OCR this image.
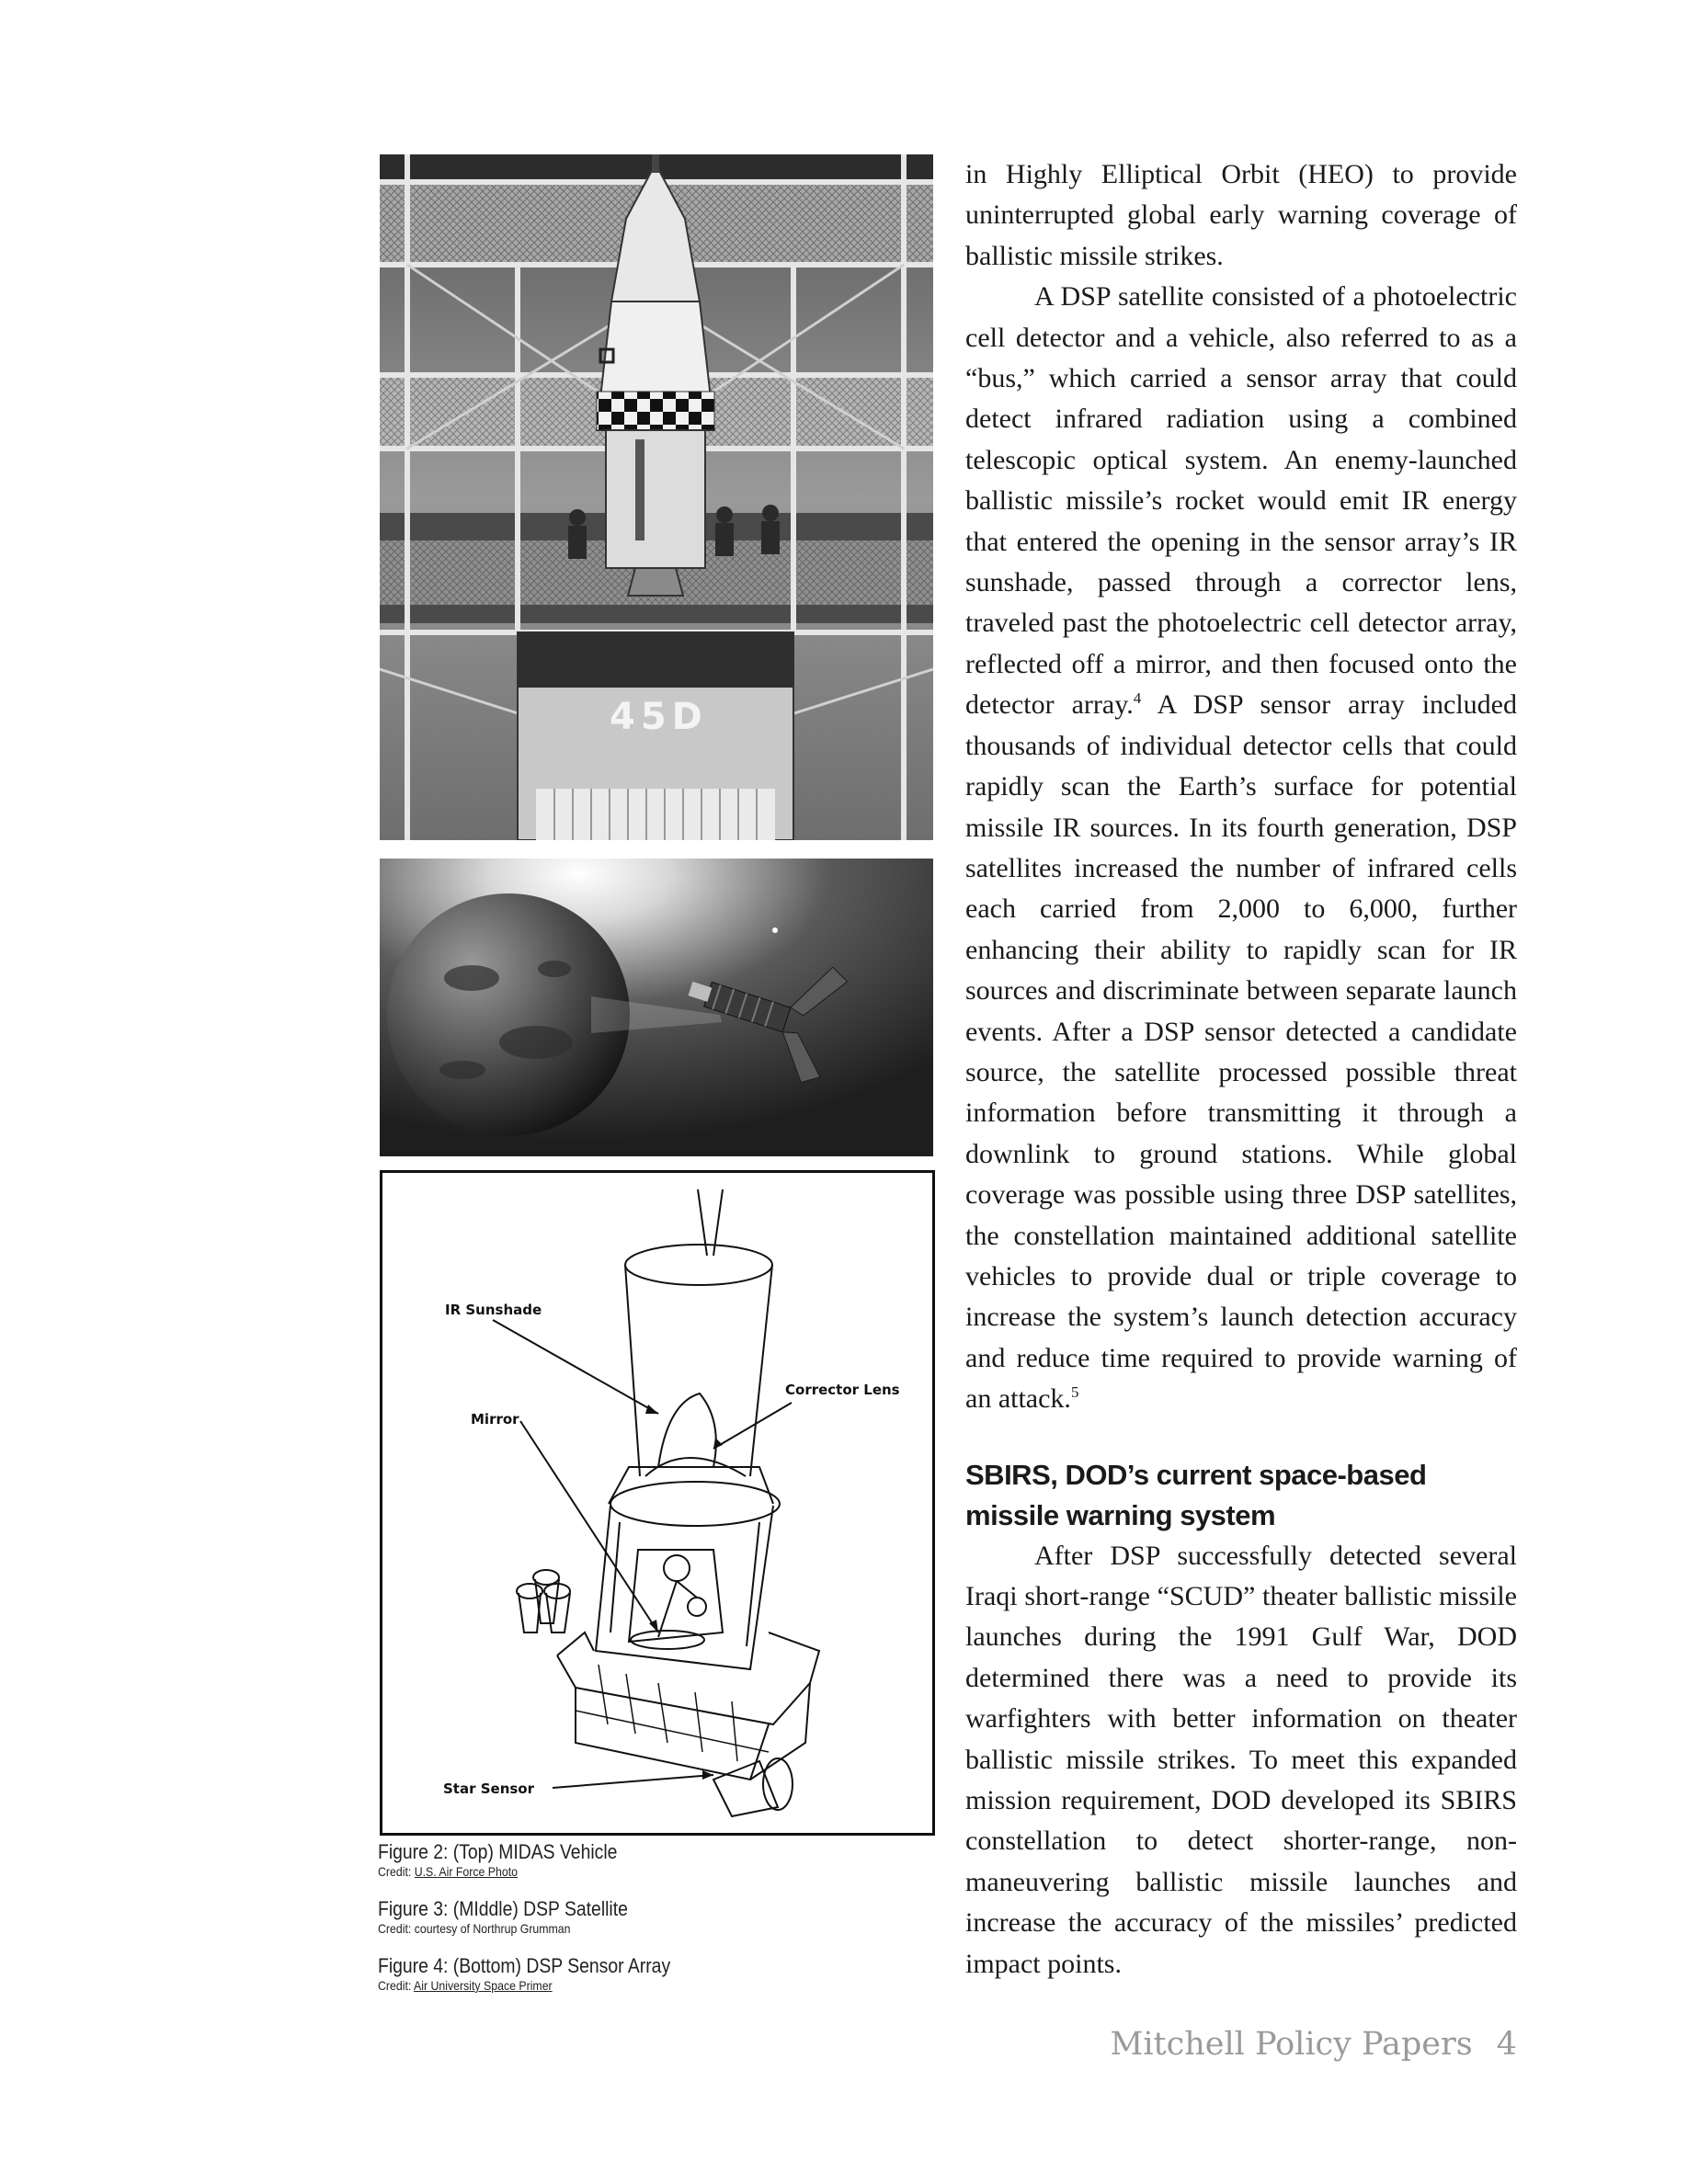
45D
IR Sunshade
Corrector Lens
Mirror
Star Sensor
Figure 2: (Top) MIDAS Vehicle
Credit: U.S. Air Force Photo
Figure 3: (MIddle) DSP Satellite
Credit: courtesy of Northrup Grumman
Figure 4: (Bottom) DSP Sensor Array
Credit: Air University Space Primer

in Highly Elliptical Orbit (HEO) to provide uninterrupted global early warning coverage of ballistic missile strikes.

A DSP satellite consisted of a photoelectric cell detector and a vehicle, also referred to as a “bus,” which carried a sensor array that could detect infrared radiation using a combined telescopic optical system. An enemy-launched ballistic missile’s rocket would emit IR energy that entered the opening in the sensor array’s IR sunshade, passed through a corrector lens, traveled past the photoelectric cell detector array, reflected off a mirror, and then focused onto the detector array.$^4$ A DSP sensor array included thousands of individual detector cells that could rapidly scan the Earth’s surface for potential missile IR sources. In its fourth generation, DSP satellites increased the number of infrared cells each carried from 2,000 to 6,000, further enhancing their ability to rapidly scan for IR sources and discriminate between separate launch events. After a DSP sensor detected a candidate source, the satellite processed possible threat information before transmitting it through a downlink to ground stations. While global coverage was possible using three DSP satellites, the constellation maintained additional satellite vehicles to provide dual or triple coverage to increase the system’s launch detection accuracy and reduce time required to provide warning of an attack.$^5$

SBIRS, DOD’s current space-based missile warning system

After DSP successfully detected several Iraqi short-range “SCUD” theater ballistic missile launches during the 1991 Gulf War, DOD determined there was a need to provide its warfighters with better information on theater ballistic missile strikes. To meet this expanded mission requirement, DOD developed its SBIRS constellation to detect shorter-range, non-maneuvering ballistic missile launches and increase the accuracy of the missiles’ predicted impact points.

Mitchell Policy Papers 4
